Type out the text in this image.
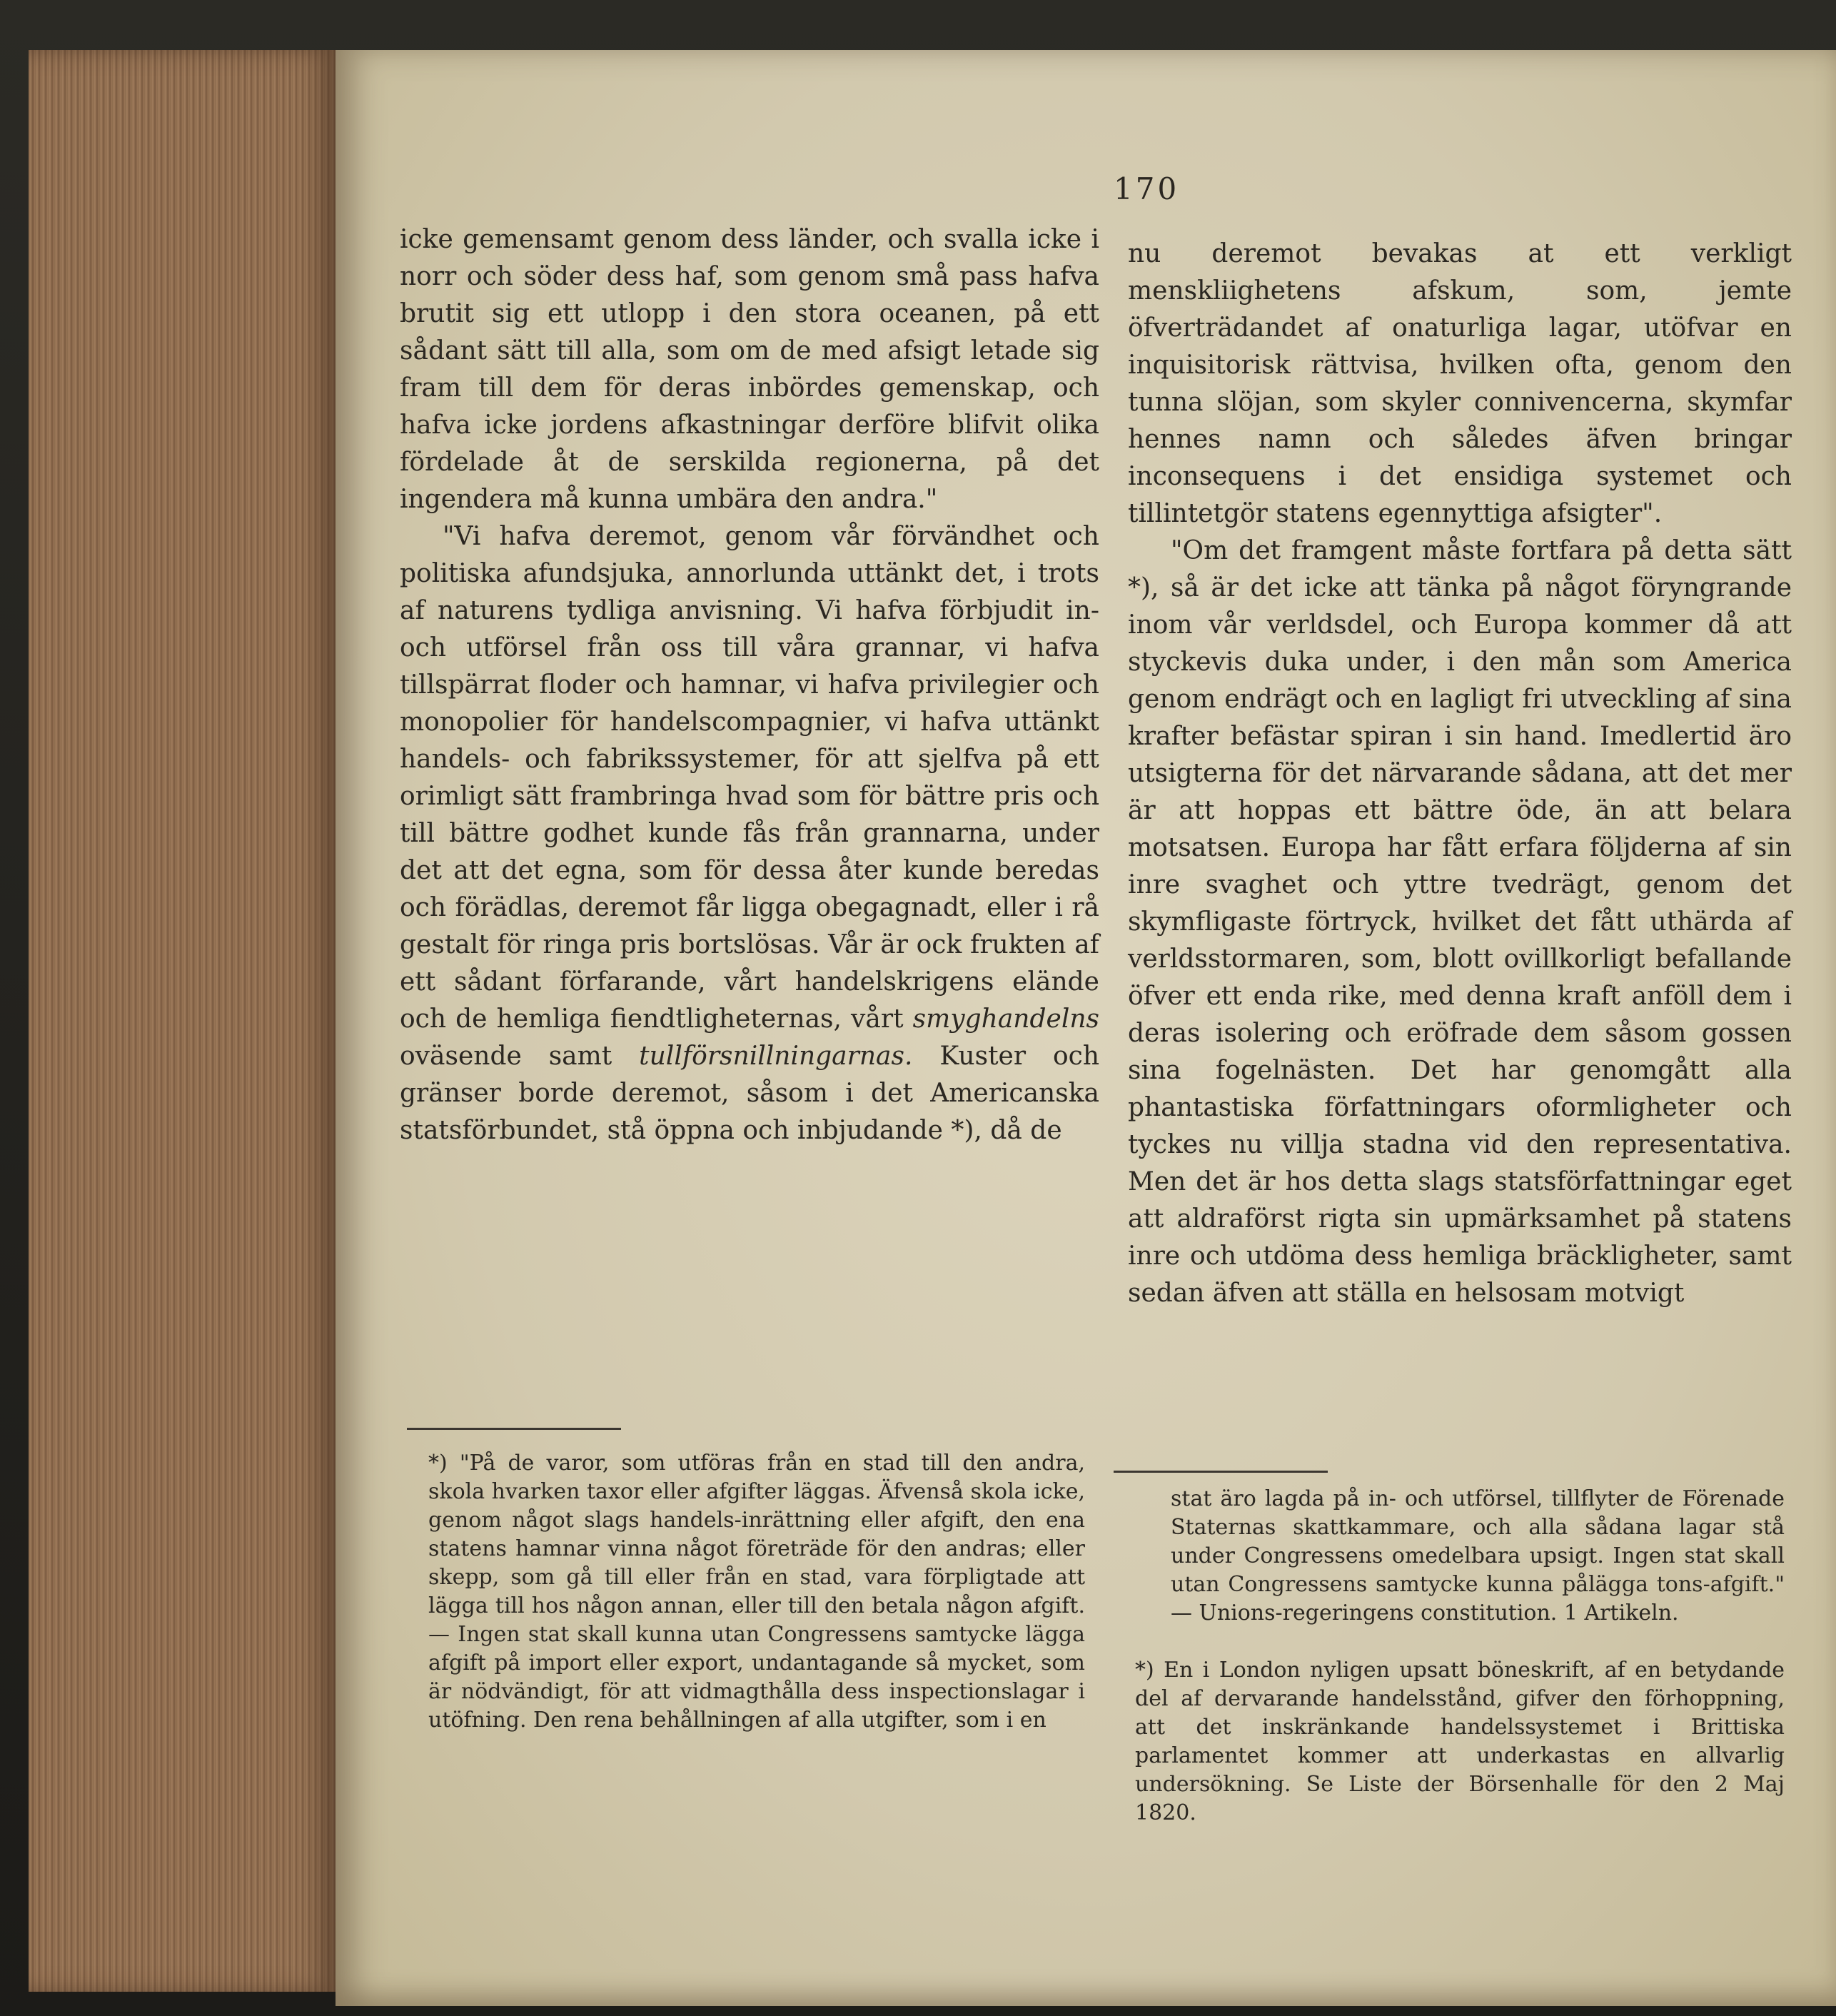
170

icke gemensamt genom dess länder, och svalla icke i norr och söder dess haf, som genom små pass hafva brutit sig ett utlopp i den stora oceanen, på ett sådant sätt till alla, som om de med afsigt letade sig fram till dem för deras inbördes gemenskap, och hafva icke jordens afkastningar derföre blifvit olika fördelade åt de serskilda regionerna, på det ingendera må kunna umbära den andra."

"Vi hafva deremot, genom vår förvändhet och politiska afundsjuka, annorlunda uttänkt det, i trots af naturens tydliga anvisning. Vi hafva förbjudit in- och utförsel från oss till våra grannar, vi hafva tillspärrat floder och hamnar, vi hafva privilegier och monopolier för handelscompagnier, vi hafva uttänkt handels- och fabrikssystemer, för att sjelfva på ett orimligt sätt frambringa hvad som för bättre pris och till bättre godhet kunde fås från grannarna, under det att det egna, som för dessa åter kunde beredas och förädlas, deremot får ligga obegagnadt, eller i rå gestalt för ringa pris bortslösas. Vår är ock frukten af ett sådant förfarande, vårt handelskrigens elände och de hemliga fiendtligheternas, vårt smyghandelns oväsende samt tullförsnillningarnas. Kuster och gränser borde deremot, såsom i det Americanska statsförbundet, stå öppna och inbjudande *), då de

nu deremot bevakas at ett verkligt menskliighetens afskum, som, jemte öfverträdandet af onaturliga lagar, utöfvar en inquisitorisk rättvisa, hvilken ofta, genom den tunna slöjan, som skyler connivencerna, skymfar hennes namn och således äfven bringar inconsequens i det ensidiga systemet och tillintetgör statens egennyttiga afsigter".

"Om det framgent måste fortfara på detta sätt *), så är det icke att tänka på något föryngrande inom vår verldsdel, och Europa kommer då att styckevis duka under, i den mån som America genom endrägt och en lagligt fri utveckling af sina krafter befästar spiran i sin hand. Imedlertid äro utsigterna för det närvarande sådana, att det mer är att hoppas ett bättre öde, än att belara motsatsen. Europa har fått erfara följderna af sin inre svaghet och yttre tvedrägt, genom det skymfligaste förtryck, hvilket det fått uthärda af verldsstormaren, som, blott ovillkorligt befallande öfver ett enda rike, med denna kraft anföll dem i deras isolering och eröfrade dem såsom gossen sina fogelnästen. Det har genomgått alla phantastiska författningars oformligheter och tyckes nu villja stadna vid den representativa. Men det är hos detta slags statsförfattningar eget att aldraförst rigta sin upmärksamhet på statens inre och utdöma dess hemliga bräckligheter, samt sedan äfven att ställa en helsosam motvigt

*) "På de varor, som utföras från en stad till den andra, skola hvarken taxor eller afgifter läggas. Äfvenså skola icke, genom något slags handels-inrättning eller afgift, den ena statens hamnar vinna något företräde för den andras; eller skepp, som gå till eller från en stad, vara förpligtade att lägga till hos någon annan, eller till den betala någon afgift. — Ingen stat skall kunna utan Congressens samtycke lägga afgift på import eller export, undantagande så mycket, som är nödvändigt, för att vidmagthålla dess inspectionslagar i utöfning. Den rena behållningen af alla utgifter, som i en

stat äro lagda på in- och utförsel, tillflyter de Förenade Staternas skattkammare, och alla sådana lagar stå under Congressens omedelbara upsigt. Ingen stat skall utan Congressens samtycke kunna pålägga tons-afgift." — Unions-regeringens constitution. 1 Artikeln.

*) En i London nyligen upsatt böneskrift, af en betydande del af dervarande handelsstånd, gifver den förhoppning, att det inskränkande handelssystemet i Brittiska parlamentet kommer att underkastas en allvarlig undersökning. Se Liste der Börsenhalle för den 2 Maj 1820.
